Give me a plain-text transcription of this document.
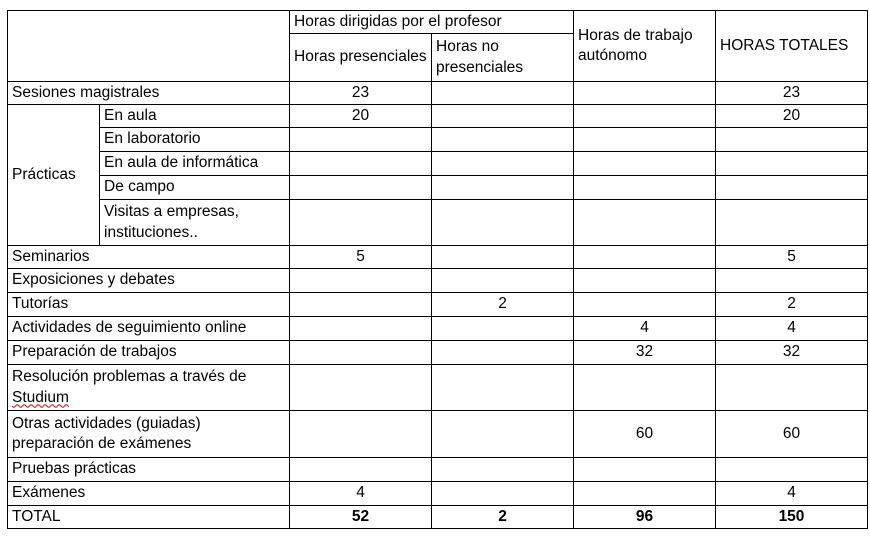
		Horas dirigidas por el profesor		Horas de trabajo autónomo	HORAS TOTALES
		Horas presenciales	Horas no presenciales		
Sesiones magistrales		23			23
Prácticas	En aula	20			20
	En laboratorio				
	En aula de informática				
	De campo				
	Visitas a empresas, instituciones..				
Seminarios		5			5
Exposiciones y debates					
Tutorías			2		2
Actividades de seguimiento online				4	4
Preparación de trabajos				32	32

Resolución problemas a través de
Studium					

Otras actividades (guiadas)
preparación de exámenes				60	60
Pruebas prácticas					
Exámenes		4			4
TOTAL		52	2	96	150
